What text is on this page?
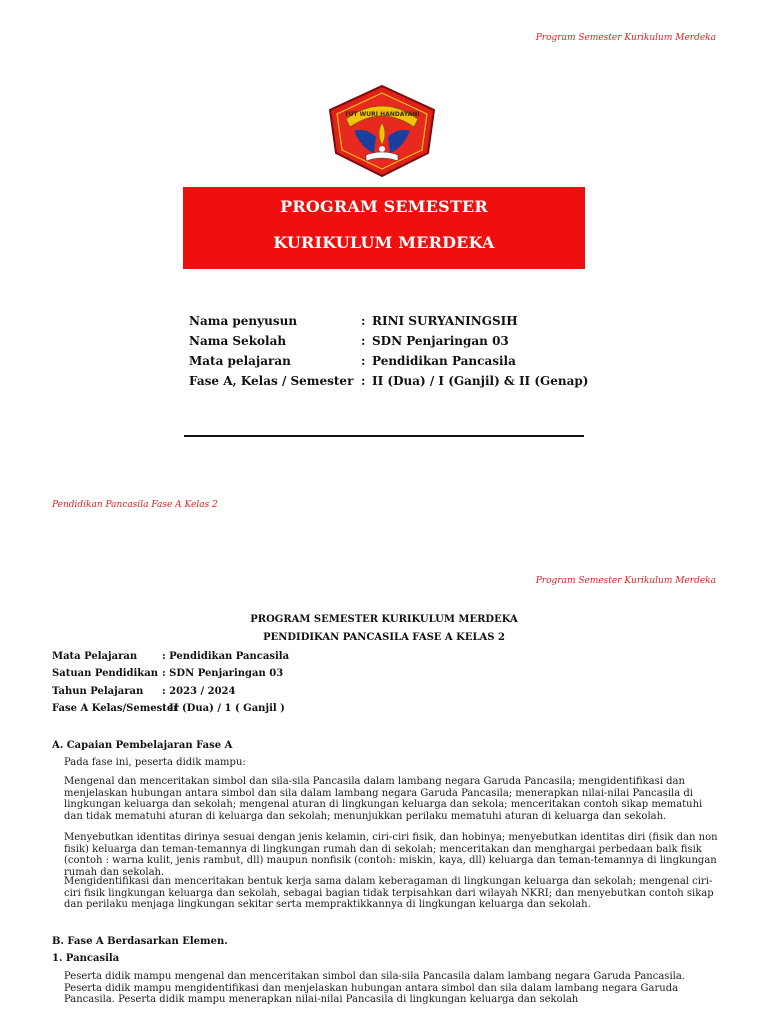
Program Semester Kurikulum Merdeka
TUT WURI HANDAYANI
PROGRAM SEMESTER
KURIKULUM MERDEKA
Nama penyusun	: RINI SURYANINGSIH
Nama Sekolah	: SDN Penjaringan 03
Mata pelajaran	: Pendidikan Pancasila
Fase A, Kelas / Semester : II (Dua) / I (Ganjil) & II (Genap)
Pendidikan Pancasila Fase A Kelas 2
Program Semester Kurikulum Merdeka
PROGRAM SEMESTER KURIKULUM MERDEKA
PENDIDIKAN PANCASILA FASE A KELAS 2
Mata Pelajaran : Pendidikan Pancasila
Satuan Pendidikan : SDN Penjaringan 03
Tahun Pelajaran : 2023 / 2024
Fase A Kelas/Semester
: II (Dua) / 1 ( Ganjil )
A. Capaian Pembelajaran Fase A
Pada fase ini, peserta didik mampu:
Mengenal dan menceritakan simbol dan sila-sila Pancasila dalam lambang negara Garuda Pancasila; mengidentifikasi dan menjelaskan hubungan antara simbol dan sila dalam lambang negara Garuda Pancasila; menerapkan nilai-nilai Pancasila di lingkungan keluarga dan sekolah; mengenal aturan di lingkungan keluarga dan sekola; menceritakan contoh sikap mematuhi dan tidak mematuhi aturan di keluarga dan sekolah; menunjukkan perilaku mematuhi aturan di keluarga dan sekolah.
Menyebutkan identitas dirinya sesuai dengan jenis kelamin, ciri-ciri fisik, dan hobinya; menyebutkan identitas diri (fisik dan non fisik) keluarga dan teman-temannya di lingkungan rumah dan di sekolah; menceritakan dan menghargai perbedaan baik fisik (contoh : warna kulit, jenis rambut, dll) maupun nonfisik (contoh: miskin, kaya, dll) keluarga dan teman-temannya di lingkungan rumah dan sekolah.
Mengidentifikasi dan menceritakan bentuk kerja sama dalam keberagaman di lingkungan keluarga dan sekolah; mengenal ciri-ciri fisik lingkungan keluarga dan sekolah, sebagai bagian tidak terpisahkan dari wilayah NKRI; dan menyebutkan contoh sikap dan perilaku menjaga lingkungan sekitar serta mempraktikkannya di lingkungan keluarga dan sekolah.
B. Fase A Berdasarkan Elemen.
1. Pancasila
Peserta didik mampu mengenal dan menceritakan simbol dan sila-sila Pancasila dalam lambang negara Garuda Pancasila. Peserta didik mampu mengidentifikasi dan menjelaskan hubungan antara simbol dan sila dalam lambang negara Garuda Pancasila. Peserta didik mampu menerapkan nilai-nilai Pancasila di lingkungan keluarga dan sekolah
